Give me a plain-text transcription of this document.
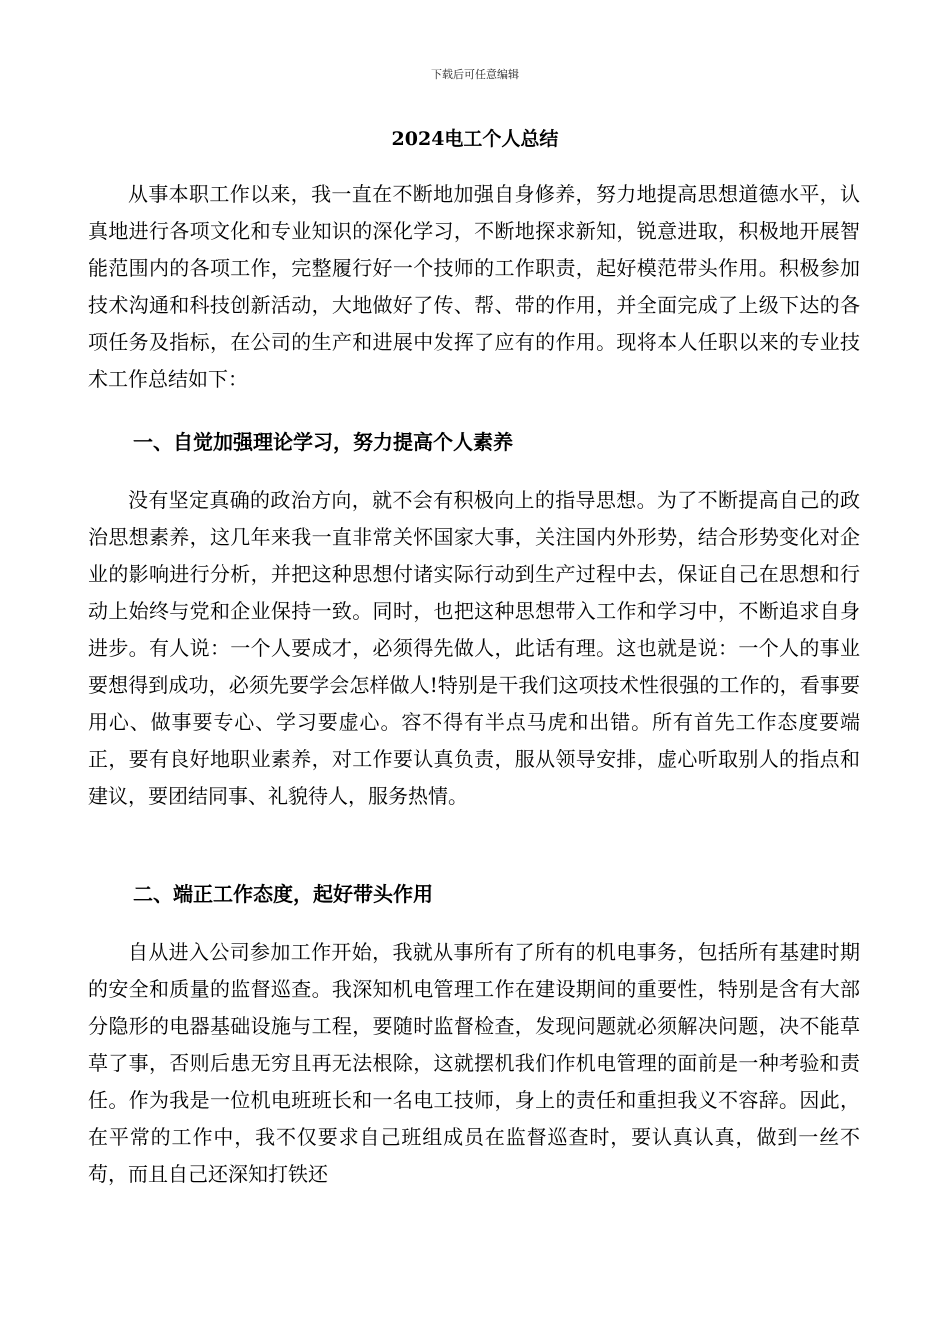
下载后可任意编辑
2024电工个人总结
从事本职工作以来，我一直在不断地加强自身修养，努力地提高思想道德水平，认真地进行各项文化和专业知识的深化学习，不断地探求新知，锐意进取，积极地开展智能范围内的各项工作，完整履行好一个技师的工作职责，起好模范带头作用。积极参加技术沟通和科技创新活动，大地做好了传、帮、带的作用，并全面完成了上级下达的各项任务及指标，在公司的生产和进展中发挥了应有的作用。现将本人任职以来的专业技术工作总结如下：
一、自觉加强理论学习，努力提高个人素养
没有坚定真确的政治方向，就不会有积极向上的指导思想。为了不断提高自己的政治思想素养，这几年来我一直非常关怀国家大事，关注国内外形势，结合形势变化对企业的影响进行分析，并把这种思想付诸实际行动到生产过程中去，保证自己在思想和行动上始终与党和企业保持一致。同时，也把这种思想带入工作和学习中，不断追求自身进步。有人说：一个人要成才，必须得先做人，此话有理。这也就是说：一个人的事业要想得到成功，必须先要学会怎样做人!特别是干我们这项技术性很强的工作的，看事要用心、做事要专心、学习要虚心。容不得有半点马虎和出错。所有首先工作态度要端正，要有良好地职业素养，对工作要认真负责，服从领导安排，虚心听取别人的指点和建议，要团结同事、礼貌待人，服务热情。
二、端正工作态度，起好带头作用
自从进入公司参加工作开始，我就从事所有了所有的机电事务，包括所有基建时期的安全和质量的监督巡查。我深知机电管理工作在建设期间的重要性，特别是含有大部分隐形的电器基础设施与工程，要随时监督检查，发现问题就必须解决问题，决不能草草了事，否则后患无穷且再无法根除，这就摆机我们作机电管理的面前是一种考验和责任。作为我是一位机电班班长和一名电工技师，身上的责任和重担我义不容辞。因此，在平常的工作中，我不仅要求自己班组成员在监督巡查时，要认真认真，做到一丝不苟，而且自己还深知打铁还
